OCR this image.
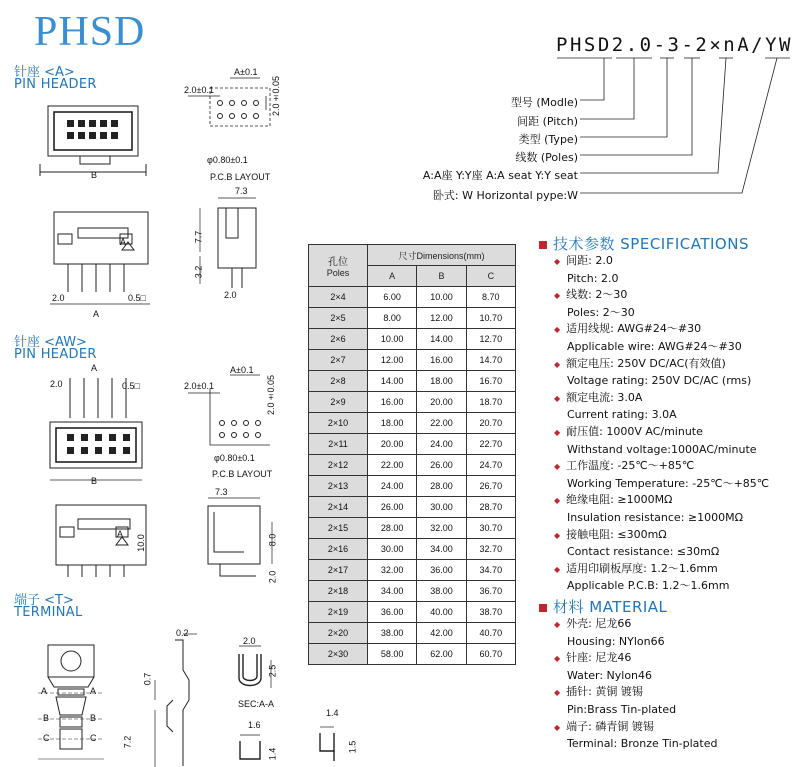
PHSD
针座 <A>
PIN HEADER
针座 <AW>
PIN HEADER
端子 <T>
TERMINAL
PHSD2.0-3-2×nA/YW
型号 (Modle)
间距 (Pitch)
类型 (Type)
线数 (Poles)
A:A座 Y:Y座 A:A seat Y:Y seat
卧式: W Horizontal pype:W
B
A±0.1
2.0±0.1	2.0±0.05
φ0.80±0.1
P.C.B LAYOUT
2.0	0.5□
A
A
7.3
7.7
3.2
2.0
A
2.0	0.5□
B
A±0.1
2.0±0.1	2.0±0.05
φ0.80±0.1
P.C.B LAYOUT
A
10.0
7.3
8.0
2.0
A	A
B	B
C	C
0.2
0.7
7.2
2.0
2.5
SEC:A-A
1.6
1.4
1.4
1.5
孔位
Poles	尺寸Dimensions(mm)		
	A	B	C
2×4	6.00	10.00	8.70
2×5	8.00	12.00	10.70
2×6	10.00	14.00	12.70
2×7	12.00	16.00	14.70
2×8	14.00	18.00	16.70
2×9	16.00	20.00	18.70
2×10	18.00	22.00	20.70
2×11	20.00	24.00	22.70
2×12	22.00	26.00	24.70
2×13	24.00	28.00	26.70
2×14	26.00	30.00	28.70
2×15	28.00	32.00	30.70
2×16	30.00	34.00	32.70
2×17	32.00	36.00	34.70
2×18	34.00	38.00	36.70
2×19	36.00	40.00	38.70
2×20	38.00	42.00	40.70
2×30	58.00	62.00	60.70
技术参数 SPECIFICATIONS
◆ 间距: 2.0
Pitch: 2.0
◆ 线数: 2～30
Poles: 2～30
◆ 适用线规: AWG#24～#30
Applicable wire: AWG#24～#30
◆ 额定电压: 250V DC/AC(有效值)
Voltage rating: 250V DC/AC (rms)
◆ 额定电流: 3.0A
Current rating: 3.0A
◆ 耐压值: 1000V AC/minute
Withstand voltage:1000AC/minute
◆ 工作温度: -25℃～+85℃
Working Temperature: -25℃～+85℃
◆ 绝缘电阻: ≥1000MΩ
Insulation resistance: ≥1000MΩ
◆ 接触电阻: ≤300mΩ
Contact resistance: ≤30mΩ
◆ 适用印刷板厚度: 1.2～1.6mm
Applicable P.C.B: 1.2～1.6mm
材料 MATERIAL
◆ 外壳: 尼龙66
Housing: NYlon66
◆ 针座: 尼龙46
Water: Nylon46
◆ 插针: 黄铜 镀锡
Pin:Brass Tin-plated
◆ 端子: 磷青铜 镀锡
Terminal: Bronze Tin-plated
